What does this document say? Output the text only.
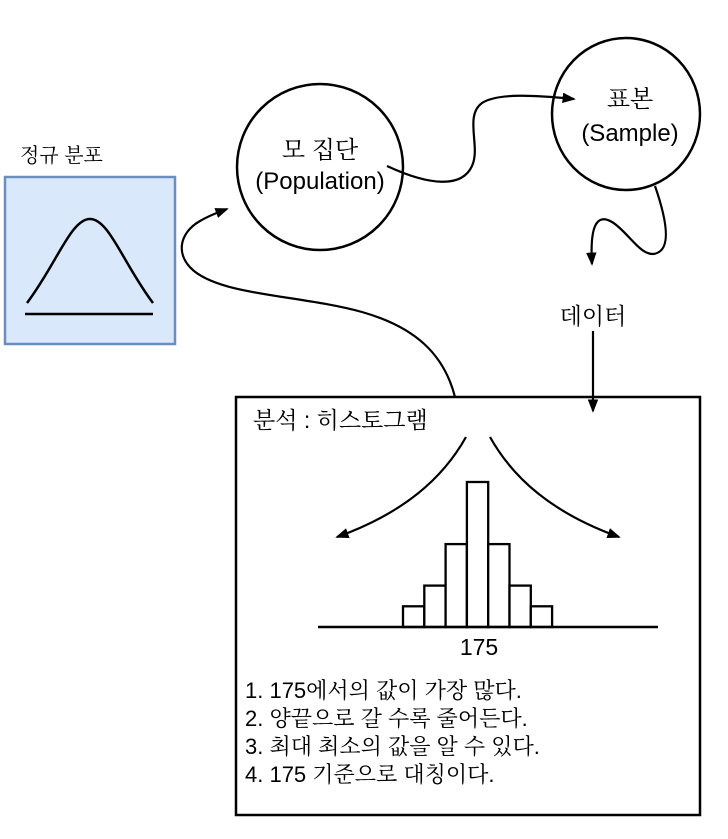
정규 분포	모 집단
(Population)
표본
(Sample)
데이터
분석 : 히스토그램
175
1. 175에서의 값이 가장 많다.
2. 양끝으로 갈 수록 줄어든다.
3. 최대 최소의 값을 알 수 있다.
4. 175 기준으로 대칭이다.
